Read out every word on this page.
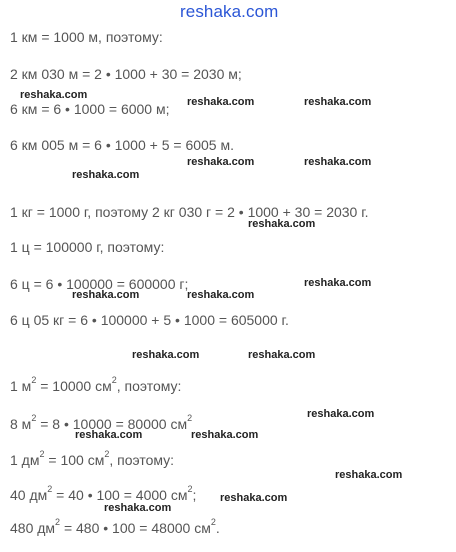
reshaka.com
1 км = 1000 м, поэтому:
2 км 030 м = 2 • 1000 + 30 = 2030 м;
6 км = 6 • 1000 = 6000 м;
6 км 005 м = 6 • 1000 + 5 = 6005 м.
1 кг = 1000 г, поэтому 2 кг 030 г = 2 • 1000 + 30 = 2030 г.
1 ц = 100000 г, поэтому:
6 ц = 6 • 100000 = 600000 г;
6 ц 05 кг = 6 • 100000 + 5 • 1000 = 605000 г.
1 $м^2 = 10000$ $см^2$, поэтому:
8 $м^2 = 8$ • 10000 = 80000 $см^2$
1 $дм^2 = 100$ $см^2$, поэтому:
40 $дм^2 = 40$ • 100 = 4000 $см^2$;
480 $дм^2 = 480$ • 100 = 48000 $см^2$.
reshaka.com
reshaka.com	reshaka.com
reshaka.com	reshaka.com
reshaka.com
reshaka.com
reshaka.com	reshaka.com
reshaka.com
reshaka.com	reshaka.com
reshaka.com
reshaka.com	reshaka.com
reshaka.com
reshaka.com
reshaka.com
